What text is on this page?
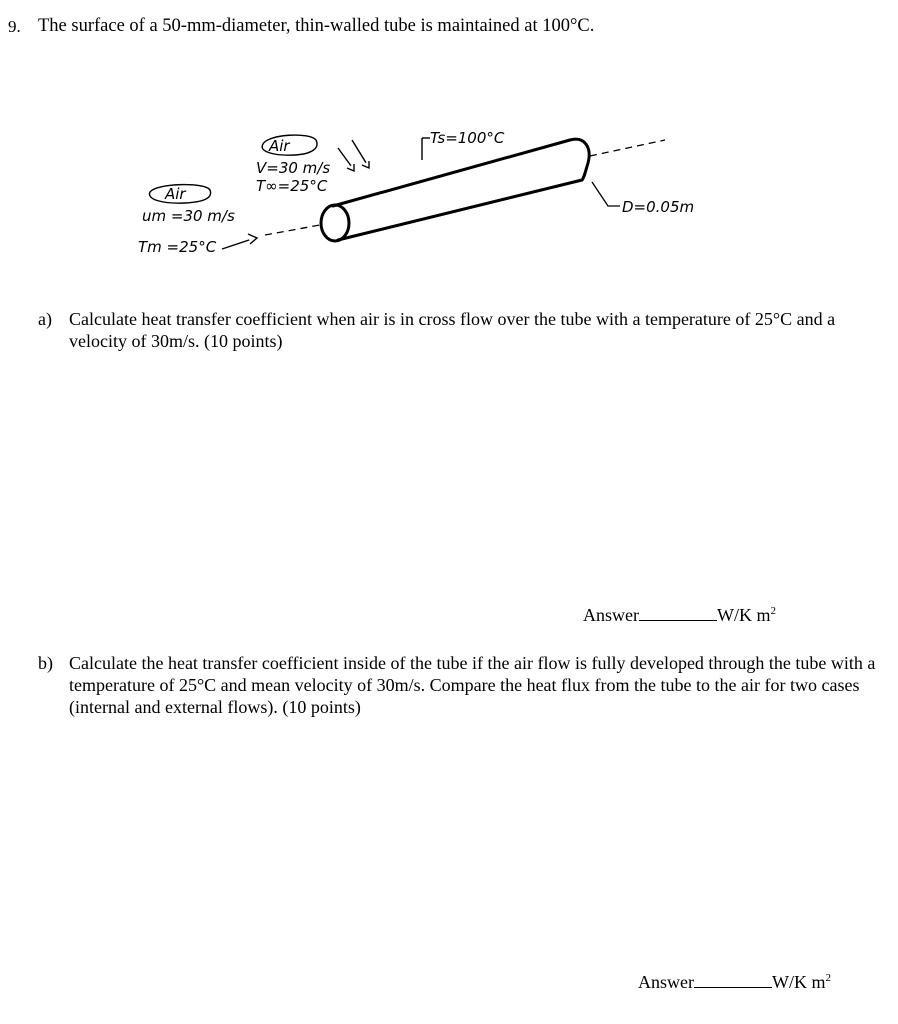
9. The surface of a 50-mm-diameter, thin-walled tube is maintained at 100°C.
Air
V=30 m/s
T∞=25°C
Air
um =30 m/s
Tm =25°C
Ts=100°C
D=0.05m
a) Calculate heat transfer coefficient when air is in cross flow over the tube with a temperature of 25°C and a velocity of 30m/s. (10 points)
Answer	W/K $m^2$
b) Calculate the heat transfer coefficient inside of the tube if the air flow is fully developed through the tube with a temperature of 25°C and mean velocity of 30m/s. Compare the heat flux from the tube to the air for two cases (internal and external flows). (10 points)
Answer	W/K $m^2$
